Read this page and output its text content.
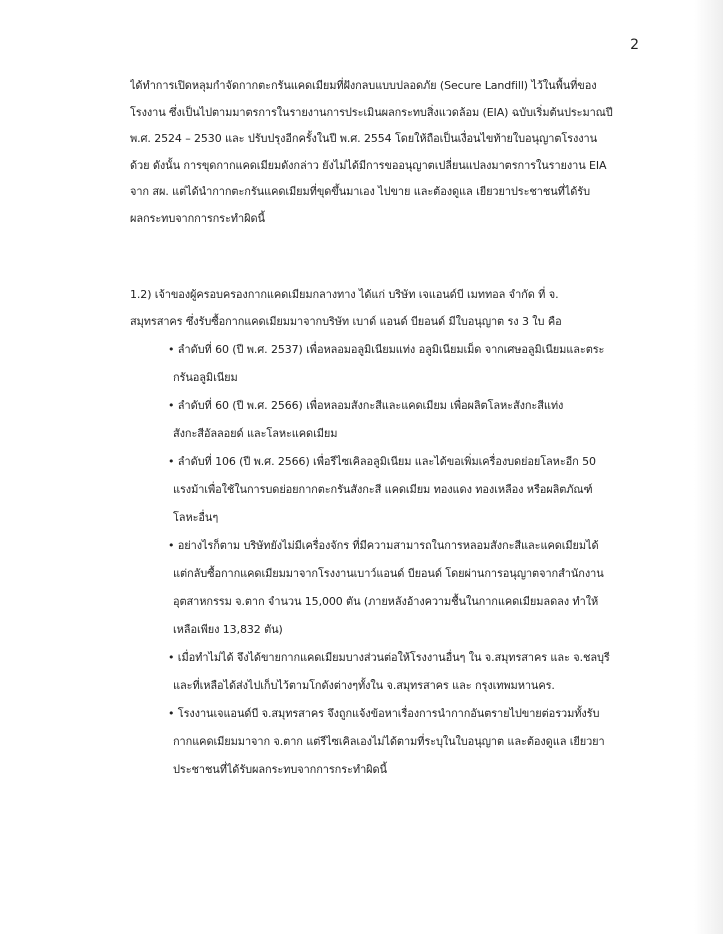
2
ได้ทำการเปิดหลุมกำจัดกากตะกรันแคดเมียมที่ฝังกลบแบบปลอดภัย (Secure Landfill) ไว้ในพื้นที่ของ
โรงงาน ซึ่งเป็นไปตามมาตรการในรายงานการประเมินผลกระทบสิ่งแวดล้อม (EIA) ฉบับเริ่มต้นประมาณปี
พ.ศ. 2524 – 2530 และ ปรับปรุงอีกครั้งในปี พ.ศ. 2554 โดยให้ถือเป็นเงื่อนไขท้ายใบอนุญาตโรงงาน
ด้วย ดังนั้น การขุดกากแคดเมียมดังกล่าว ยังไม่ได้มีการขออนุญาตเปลี่ยนแปลงมาตรการในรายงาน EIA
จาก สผ. แต่ได้นำกากตะกรันแคดเมียมที่ขุดขึ้นมาเอง ไปขาย และต้องดูแล เยียวยาประชาชนที่ได้รับ
ผลกระทบจากการกระทำผิดนี้
1.2) เจ้าของผู้ครอบครองกากแคดเมียมกลางทาง ได้แก่ บริษัท เจแอนด์บี เมททอล จำกัด ที่ จ.
สมุทรสาคร ซึ่งรับซื้อกากแคดเมียมมาจากบริษัท เบาด์ แอนด์ บียอนด์ มีใบอนุญาต รง 3 ใบ คือ
• ลำดับที่ 60 (ปี พ.ศ. 2537) เพื่อหลอมอลูมิเนียมแท่ง อลูมิเนียมเม็ด จากเศษอลูมิเนียมและตระ
กรันอลูมิเนียม
• ลำดับที่ 60 (ปี พ.ศ. 2566) เพื่อหลอมสังกะสีและแคดเมียม เพื่อผลิตโลหะสังกะสีแท่ง
สังกะสีอัลลอยด์ และโลหะแคดเมียม
• ลำดับที่ 106 (ปี พ.ศ. 2566) เพื่อรีไซเคิลอลูมิเนียม และได้ขอเพิ่มเครื่องบดย่อยโลหะอีก 50
แรงม้าเพื่อใช้ในการบดย่อยกากตะกรันสังกะสี แคดเมียม ทองแดง ทองเหลือง หรือผลิตภัณฑ์
โลหะอื่นๆ
• อย่างไรก็ตาม บริษัทยังไม่มีเครื่องจักร ที่มีความสามารถในการหลอมสังกะสีและแคดเมียมได้
แต่กลับซื้อกากแคดเมียมมาจากโรงงานเบาว์แอนด์ บียอนด์ โดยผ่านการอนุญาตจากสำนักงาน
อุตสาหกรรม จ.ตาก จำนวน 15,000 ตัน (ภายหลังอ้างความชื้นในกากแคดเมียมลดลง ทำให้
เหลือเพียง 13,832 ตัน)
• เมื่อทำไม่ได้ จึงได้ขายกากแคดเมียมบางส่วนต่อให้โรงงานอื่นๆ ใน จ.สมุทรสาคร และ จ.ชลบุรี
และที่เหลือได้ส่งไปเก็บไว้ตามโกดังต่างๆทั้งใน จ.สมุทรสาคร และ กรุงเทพมหานคร.
• โรงงานเจแอนด์บี จ.สมุทรสาคร จึงถูกแจ้งข้อหาเรื่องการนำกากอันตรายไปขายต่อรวมทั้งรับ
กากแคดเมียมมาจาก จ.ตาก แต่รีไซเคิลเองไม่ได้ตามที่ระบุในใบอนุญาต และต้องดูแล เยียวยา
ประชาชนที่ได้รับผลกระทบจากการกระทำผิดนี้
